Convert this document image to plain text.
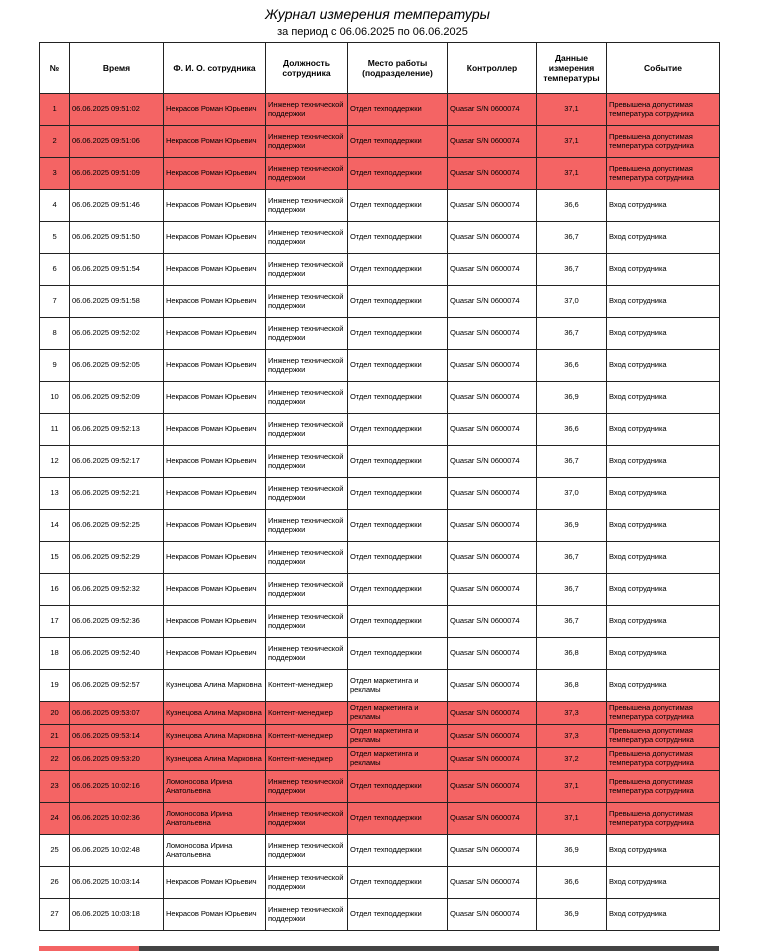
Журнал измерения температуры
за период с 06.06.2025 по 06.06.2025
№	Время	Ф. И. О. сотрудника	Должность сотрудника	Место работы (подразделение)	Контроллер	Данные измерения температуры	Событие
1	06.06.2025 09:51:02	Некрасов Роман Юрьевич	Инженер технической поддержки	Отдел техподдержки	Quasar S/N 0600074	37,1	Превышена допустимая температура сотрудника
2	06.06.2025 09:51:06	Некрасов Роман Юрьевич	Инженер технической поддержки	Отдел техподдержки	Quasar S/N 0600074	37,1	Превышена допустимая температура сотрудника
3	06.06.2025 09:51:09	Некрасов Роман Юрьевич	Инженер технической поддержки	Отдел техподдержки	Quasar S/N 0600074	37,1	Превышена допустимая температура сотрудника
4	06.06.2025 09:51:46	Некрасов Роман Юрьевич	Инженер технической поддержки	Отдел техподдержки	Quasar S/N 0600074	36,6	Вход сотрудника
5	06.06.2025 09:51:50	Некрасов Роман Юрьевич	Инженер технической поддержки	Отдел техподдержки	Quasar S/N 0600074	36,7	Вход сотрудника
6	06.06.2025 09:51:54	Некрасов Роман Юрьевич	Инженер технической поддержки	Отдел техподдержки	Quasar S/N 0600074	36,7	Вход сотрудника
7	06.06.2025 09:51:58	Некрасов Роман Юрьевич	Инженер технической поддержки	Отдел техподдержки	Quasar S/N 0600074	37,0	Вход сотрудника
8	06.06.2025 09:52:02	Некрасов Роман Юрьевич	Инженер технической поддержки	Отдел техподдержки	Quasar S/N 0600074	36,7	Вход сотрудника
9	06.06.2025 09:52:05	Некрасов Роман Юрьевич	Инженер технической поддержки	Отдел техподдержки	Quasar S/N 0600074	36,6	Вход сотрудника
10	06.06.2025 09:52:09	Некрасов Роман Юрьевич	Инженер технической поддержки	Отдел техподдержки	Quasar S/N 0600074	36,9	Вход сотрудника
11	06.06.2025 09:52:13	Некрасов Роман Юрьевич	Инженер технической поддержки	Отдел техподдержки	Quasar S/N 0600074	36,6	Вход сотрудника
12	06.06.2025 09:52:17	Некрасов Роман Юрьевич	Инженер технической поддержки	Отдел техподдержки	Quasar S/N 0600074	36,7	Вход сотрудника
13	06.06.2025 09:52:21	Некрасов Роман Юрьевич	Инженер технической поддержки	Отдел техподдержки	Quasar S/N 0600074	37,0	Вход сотрудника
14	06.06.2025 09:52:25	Некрасов Роман Юрьевич	Инженер технической поддержки	Отдел техподдержки	Quasar S/N 0600074	36,9	Вход сотрудника
15	06.06.2025 09:52:29	Некрасов Роман Юрьевич	Инженер технической поддержки	Отдел техподдержки	Quasar S/N 0600074	36,7	Вход сотрудника
16	06.06.2025 09:52:32	Некрасов Роман Юрьевич	Инженер технической поддержки	Отдел техподдержки	Quasar S/N 0600074	36,7	Вход сотрудника
17	06.06.2025 09:52:36	Некрасов Роман Юрьевич	Инженер технической поддержки	Отдел техподдержки	Quasar S/N 0600074	36,7	Вход сотрудника
18	06.06.2025 09:52:40	Некрасов Роман Юрьевич	Инженер технической поддержки	Отдел техподдержки	Quasar S/N 0600074	36,8	Вход сотрудника
19	06.06.2025 09:52:57	Кузнецова Алина Марковна	Контент-менеджер	Отдел маркетинга и рекламы	Quasar S/N 0600074	36,8	Вход сотрудника
20	06.06.2025 09:53:07	Кузнецова Алина Марковна	Контент-менеджер	Отдел маркетинга и рекламы	Quasar S/N 0600074	37,3	Превышена допустимая температура сотрудника
21	06.06.2025 09:53:14	Кузнецова Алина Марковна	Контент-менеджер	Отдел маркетинга и рекламы	Quasar S/N 0600074	37,3	Превышена допустимая температура сотрудника
22	06.06.2025 09:53:20	Кузнецова Алина Марковна	Контент-менеджер	Отдел маркетинга и рекламы	Quasar S/N 0600074	37,2	Превышена допустимая температура сотрудника
23	06.06.2025 10:02:16	Ломоносова Ирина Анатольевна	Инженер технической поддержки	Отдел техподдержки	Quasar S/N 0600074	37,1	Превышена допустимая температура сотрудника
24	06.06.2025 10:02:36	Ломоносова Ирина Анатольевна	Инженер технической поддержки	Отдел техподдержки	Quasar S/N 0600074	37,1	Превышена допустимая температура сотрудника
25	06.06.2025 10:02:48	Ломоносова Ирина Анатольевна	Инженер технической поддержки	Отдел техподдержки	Quasar S/N 0600074	36,9	Вход сотрудника
26	06.06.2025 10:03:14	Некрасов Роман Юрьевич	Инженер технической поддержки	Отдел техподдержки	Quasar S/N 0600074	36,6	Вход сотрудника
27	06.06.2025 10:03:18	Некрасов Роман Юрьевич	Инженер технической поддержки	Отдел техподдержки	Quasar S/N 0600074	36,9	Вход сотрудника
